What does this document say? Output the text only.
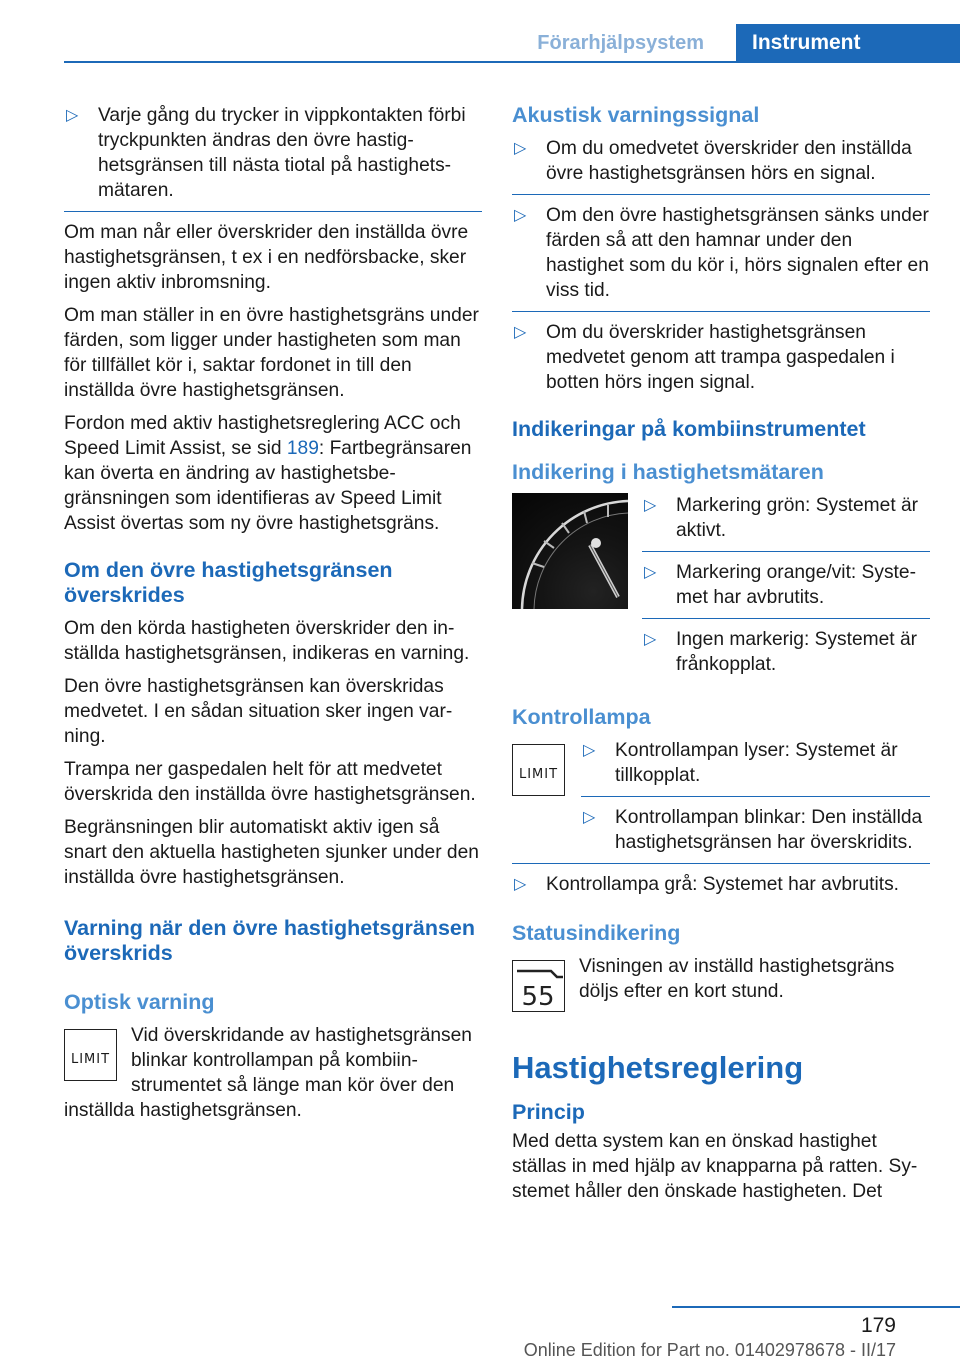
Förarhjälpsystem	Instrument
▷ Varje gång du trycker in vippkontakten förbi tryckpunkten ändras den övre hastighetsgränsen till nästa tiotal på hastighetsmätaren.

Om man når eller överskrider den inställda övre hastighetsgränsen, t ex i en nedförsbacke, sker ingen aktiv inbromsning.

Om man ställer in en övre hastighetsgräns under färden, som ligger under hastigheten som man för tillfället kör i, saktar fordonet in till den inställda övre hastighetsgränsen.

Fordon med aktiv hastighetsreglering ACC och Speed Limit Assist, se sid 189: Fartbegränsaren kan överta en ändring av hastighetsbegränsningen som identifieras av Speed Limit Assist övertas som ny övre hastighetsgräns.

Om den övre hastighetsgränsen överskrides

Om den körda hastigheten överskrider den inställda hastighetsgränsen, indikeras en varning.

Den övre hastighetsgränsen kan överskridas medvetet. I en sådan situation sker ingen varning.

Trampa ner gaspedalen helt för att medvetet överskrida den inställda övre hastighetsgränsen.

Begränsningen blir automatiskt aktiv igen så snart den aktuella hastigheten sjunker under den inställda övre hastighetsgränsen.

Varning när den övre hastighetsgränsen överskrids
Optisk varning
LIMIT

Vid överskridande av hastighetsgränsen blinkar kontrollampan på kombiinstrumentet så länge man kör över den inställda hastighetsgränsen.

Akustisk varningssignal
▷ Om du omedvetet överskrider den inställda övre hastighetsgränsen hörs en signal.
▷ Om den övre hastighetsgränsen sänks under färden så att den hamnar under den hastighet som du kör i, hörs signalen efter en viss tid.
▷ Om du överskrider hastighetsgränsen medvetet genom att trampa gaspedalen i botten hörs ingen signal.
Indikeringar på kombiinstrumentet
Indikering i hastighetsmätaren
▷ Markering grön: Systemet är aktivt.
▷ Markering orange/vit: Systemet har avbrutits.
▷ Ingen markerig: Systemet är frånkopplat.
Kontrollampa
LIMIT
▷ Kontrollampan lyser: Systemet är tillkopplat.
▷ Kontrollampan blinkar: Den inställda hastighetsgränsen har överskridits.
▷ Kontrollampa grå: Systemet har avbrutits.
Statusindikering
55

Visningen av inställd hastighetsgräns döljs efter en kort stund.

Hastighetsreglering
Princip

Med detta system kan en önskad hastighet ställas in med hjälp av knapparna på ratten. Systemet håller den önskade hastigheten. Det

179
Online Edition for Part no. 01402978678 - II/17
